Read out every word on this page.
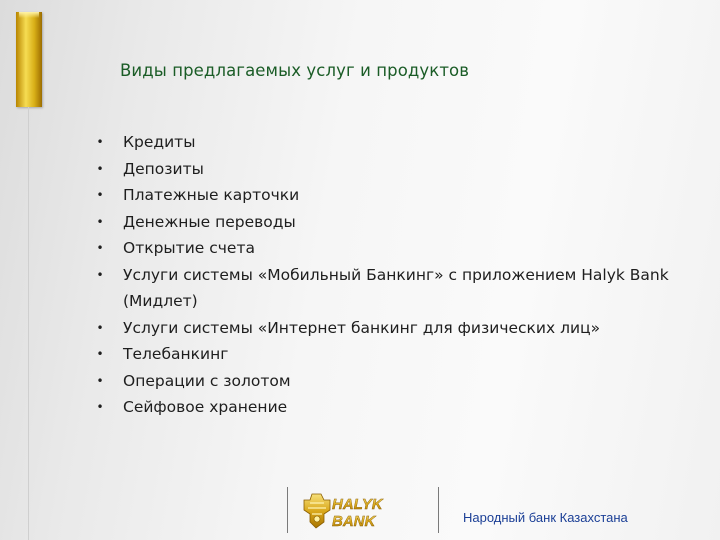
Виды предлагаемых услуг и продуктов
• Кредиты
• Депозиты
• Платежные карточки
• Денежные переводы
• Открытие счета
• Услуги системы «Мобильный Банкинг» с приложением Halyk Bank (Мидлет)
• Услуги системы «Интернет банкинг для физических лиц»
• Телебанкинг
• Операции с золотом
• Сейфовое хранение
HALYK
BANK	Народный банк Казахстана
